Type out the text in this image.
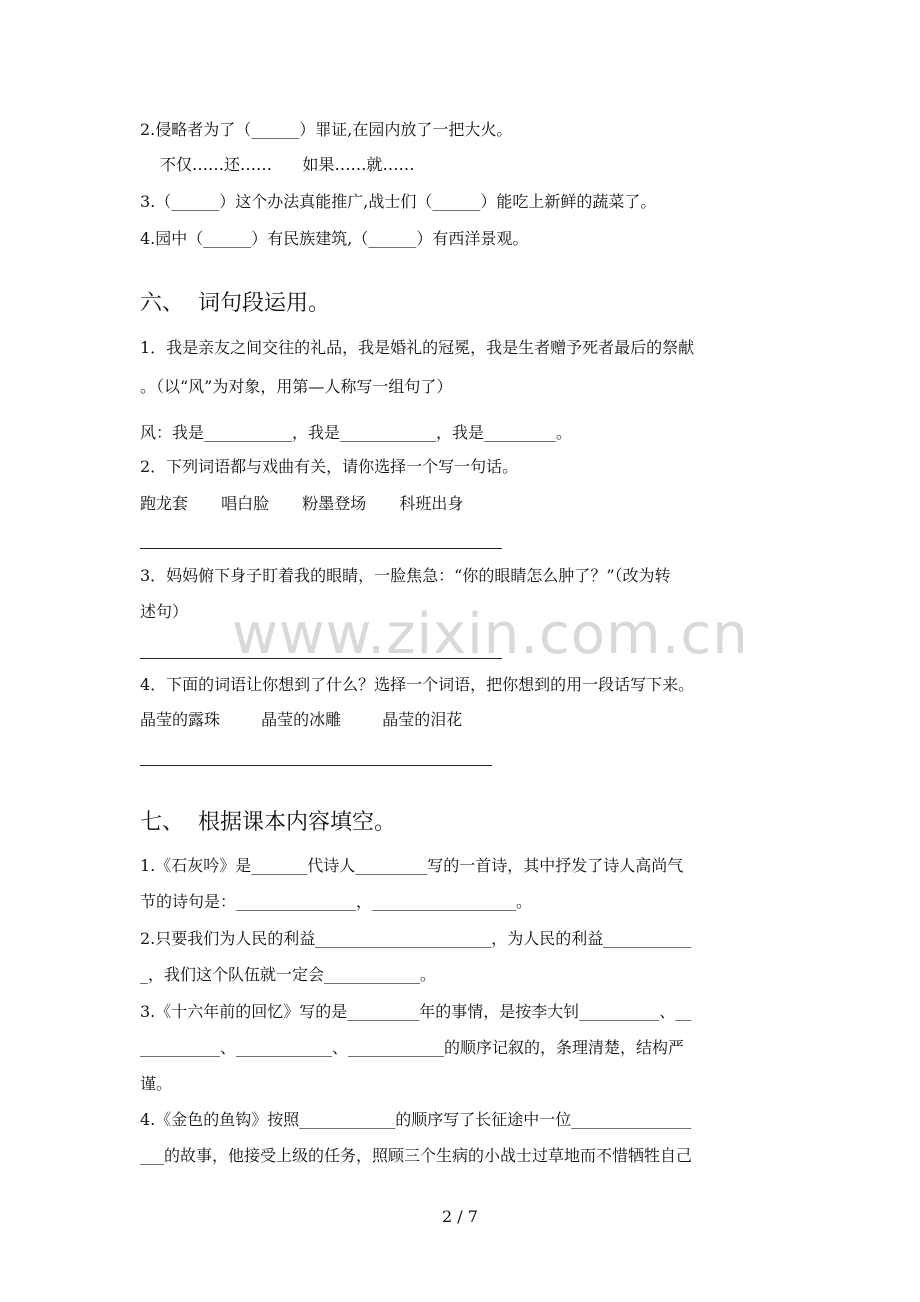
2.侵略者为了（______）罪证,在园内放了一把大火。
不仅……还……      如果……就……
3.（______）这个办法真能推广,战士们（______）能吃上新鲜的蔬菜了。
4.园中（______）有民族建筑,（______）有西洋景观。
六、  词句段运用。
1．我是亲友之间交往的礼品，我是婚礼的冠冕，我是生者赠予死者最后的祭献
。（以“风”为对象，用第—人称写一组句了）
风：我是___________，我是____________，我是_________。
2．下列词语都与戏曲有关，请你选择一个写一句话。
跑龙套 唱白脸 粉墨登场 科班出身
3．妈妈俯下身子盯着我的眼睛，一脸焦急：“你的眼睛怎么肿了？”（改为转
述句）
4．下面的词语让你想到了什么？选择一个词语，把你想到的用一段话写下来。
晶莹的露珠	晶莹的冰雕	晶莹的泪花
七、  根据课本内容填空。
1.《石灰吟》是_______代诗人_________写的一首诗，其中抒发了诗人高尚气
节的诗句是：_______________，__________________。
2.只要我们为人民的利益______________________，为人民的利益___________
_，我们这个队伍就一定会____________。
3.《十六年前的回忆》写的是_________年的事情，是按李大钊__________、__
__________、____________、____________的顺序记叙的，条理清楚，结构严
谨。
4.《金色的鱼钩》按照____________的顺序写了长征途中一位_______________
___的故事，他接受上级的任务，照顾三个生病的小战士过草地而不惜牺牲自己
www.zixin.com.cn
2 / 7
